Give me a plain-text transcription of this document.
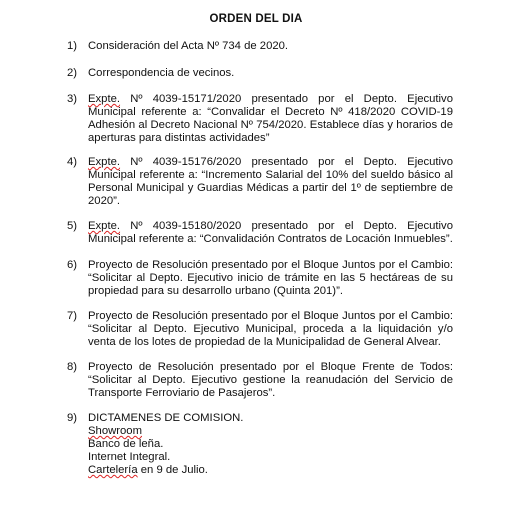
ORDEN DEL DIA
1) Consideración del Acta Nº 734 de 2020.
2) Correspondencia de vecinos.
3) Expte. Nº 4039-15171/2020 presentado por el Depto. Ejecutivo Municipal referente a: “Convalidar el Decreto Nº 418/2020 COVID-19 Adhesión al Decreto Nacional Nº 754/2020. Establece días y horarios de aperturas para distintas actividades”
4) Expte. Nº 4039-15176/2020 presentado por el Depto. Ejecutivo Municipal referente a: “Incremento Salarial del 10% del sueldo básico al Personal Municipal y Guardias Médicas a partir del 1º de septiembre de 2020”.
5) Expte. Nº 4039-15180/2020 presentado por el Depto. Ejecutivo Municipal referente a: “Convalidación Contratos de Locación Inmuebles”.
6) Proyecto de Resolución presentado por el Bloque Juntos por el Cambio: “Solicitar al Depto. Ejecutivo inicio de trámite en las 5 hectáreas de su propiedad para su desarrollo urbano (Quinta 201)”.
7) Proyecto de Resolución presentado por el Bloque Juntos por el Cambio: “Solicitar al Depto. Ejecutivo Municipal, proceda a la liquidación y/o venta de los lotes de propiedad de la Municipalidad de General Alvear.
8) Proyecto de Resolución presentado por el Bloque Frente de Todos: “Solicitar al Depto. Ejecutivo gestione la reanudación del Servicio de Transporte Ferroviario de Pasajeros”.
9) DICTAMENES DE COMISION.
Showroom
Banco de leña.
Internet Integral.
Cartelería en 9 de Julio.
